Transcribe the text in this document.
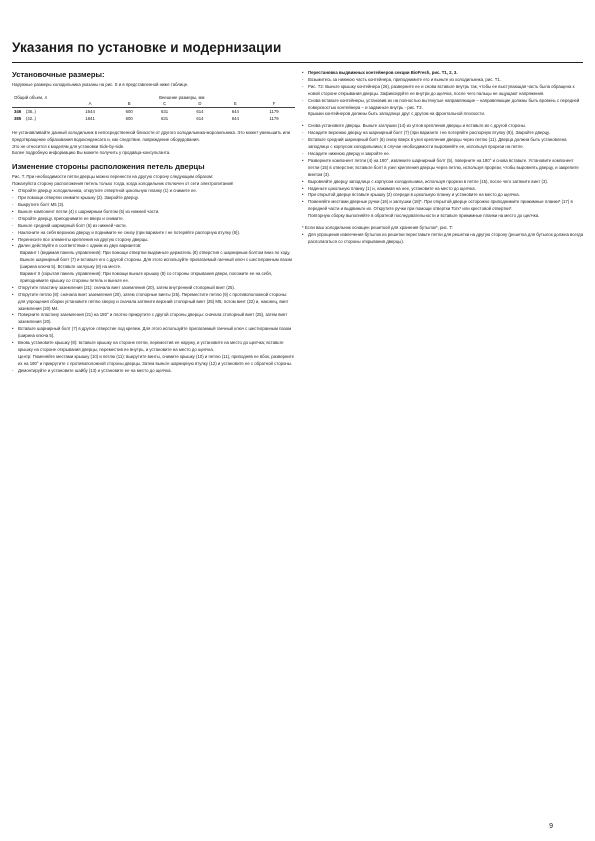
Указания по установке и модернизации
Установочные размеры:

Наружные размеры холодильника указаны на рис. S и в представленной ниже таблице.

Общий объем, л	Внешние размеры, мм					
	A	B	C	D	E	F
346 (35..)	1644	600	631	614	644	1179
385 (42..)	1841	600	631	614	644	1179

Не устанавливайте данный холодильник в непосредственной близости от другого холодильника-морозильника. Это может уменьшить или предотвращение образования водоконденсата и, как следствие, повреждение оборудования.

Это не относится к моделям для установки Side-by-side.

Более подробную информацию Вы можете получить у продавца-консультанта.

Изменение стороны расположения петель дверцы

Рис. T. При необходимости петли дверцы можно перенести на другую сторону следующим образом:

Пожалуйста сторону расположения петель только тогда, когда холодильник отключен от сети электропитания!

• Откройте дверцу холодильника, открутите отвертной цокольную планку (1) и снимите ее.
- При помощи отвертки снимите крышку (2). Закройте дверцу.
- Выкрутите болт М5 (3).
• Выньте компонент петли (4) с шарнирным болтом (5) из нижней части.
- Откройте дверцу, приподнимите ее вверх и снимите.
- Выньте средний шарнирный болт (6) из нижней части.
- Наклоните на себя верхнюю дверцу и поднимите ее снизу (при варианте I не потеряйте распорную втулку (9)).
• Перенесите все элементы крепления на другую сторону дверцы.
• Далее действуйте в соответствии с одним из двух вариантов:

Вариант I (видимая панель управления): При помощи отвертки выдвиньте держатель (8) отверстия с шарнирным болтом вниз по ходу. Выньте шарнирный болт (7) и вставьте его с другой стороны. Для этого используйте прилагаемый гаечный ключ с шестигранным пазом (ширина ключа 5). Вставьте заглушку (8) на месте.

Вариант II (скрытая панель управления): При помощи выньте крышку (8) со стороны открывания двери, положите ее на себя, приподнимите крышку со стороны петель и выньте ее.

• Открутите пластину заземления (21): сначала винт заземления (20), затем внутренний стопорный винт (25).
• Открутите петлю (8): сначала винт заземления (20), затем стопорные винты (25). Переместите петлю (9) с противоположной стороны: для упрощения сборки установите петлю сверху и сначала затяните верхний стопорный винт (25) М5, потом винт (22) и, наконец, винт заземления (20) М4.
• Поверните пластину заземления (21) на 180° и плотно прикрутите с другой стороны дверцы: сначала стопорный винт (25), затем винт заземления (20).
• Вставьте шарнирный болт (7) в другое отверстие под крепеж. Для этого используйте прилагаемый гаечный ключ с шестигранным пазом (ширина ключа 5).
• Вновь установите крышку (8): вставьте крышку на стороне петли, переместив ее наружу, и установите на место до щелчка; вставьте крышку на стороне открывания дверцы, переместив ее внутрь, и установите на место до щелчка.

Центр: Поменяйте местами крышку (10) и петлю (11): выкрутите винты, снимите крышку (10) и петлю (11), приподняв ее вбок, разверните их на 180° и прикрутите с противоположной стороны дверцы. Затем выньте шарнирную втулку (12) и установите ее с обратной стороны.
- Демонтируйте и установите шайбу (13) и установите ее на место до щелчка.
• Перестановка выдвижных контейнеров секции BioFresh, рис. T1, 2, 3.
- Возьмитесь за нижнюю часть контейнера, приподнимите его и выньте из холодильника, рис. T1.
- Рис. T2: Выньте крышку контейнера (26), разверните ее и снова вставьте внутрь так, чтобы ее выступающая часть была обращена к новой стороне открывания дверцы. Зафиксируйте ее внутри до щелчка, после чего пальцы не ощущают напряжения.
- Снова вставьте контейнеры, установив их на полностью вытянутые направляющие – направляющие должны быть вровень с передней поверхностью контейнера – и задвиньте внутрь - рис. T3.

Крышки контейнеров должны быть заподлицо друг с другом на фронтальной плоскости.
• Снова установите дверцы. Выньте заглушки (14) из углов крепления дверцы и вставьте их с другой стороны.
- Насадите верхнюю дверцу на шарнирный болт (7) (при варианте I не потеряйте распорную втулку (9)). Закройте дверцу.
- Вставьте средний шарнирный болт (6) снизу вверх в узел крепления дверцы через петлю (11). Дверца должна быть установлена заподлицо с корпусом холодильника; в случае необходимости выровняйте ее, используя прорези на петле.
- Насадите нижнюю дверцу и закройте ее.
• Разверните компонент петли (4) на 180°, извлеките шарнирный болт (5), поверните на 180° и снова вставьте. Установите компонент петли (15) в отверстие; вставьте болт в узел крепления дверцы через петлю, используя прорези, чтобы выровнять дверцу, и закрепите винтом (3).
• Выровняйте дверцу заподлицо с корпусом холодильника, используя прорези в петле (15), после чего затяните винт (3).
• Наденьте цокольную планку (1) и, нажимая на нее, установите на место до щелчка.
• При открытой дверце вставьте крышку (2) спереди в цокольную планку и установите на место до щелчка.
• Поменяйте местами дверные ручки (16) и заглушки (18)*. При открытой дверце осторожно приподнимите прижимные планки* (17) в передней части и выдвиньте их. Открутите ручки при помощи отвертки Torx* или крестовой отвертки*.

Повторную сборку выполняйте в обратной последовательности и вставьте прижимные планки на место до щелчка.

* Если ваш холодильник оснащен решеткой для хранения бутылок*, рис. T:

• Для упрощения извлечения бутылок из решетки переставьте петли для решетки на другую сторону (решетка для бутылок должна всегда располагаться со стороны открывания дверцы).
9
